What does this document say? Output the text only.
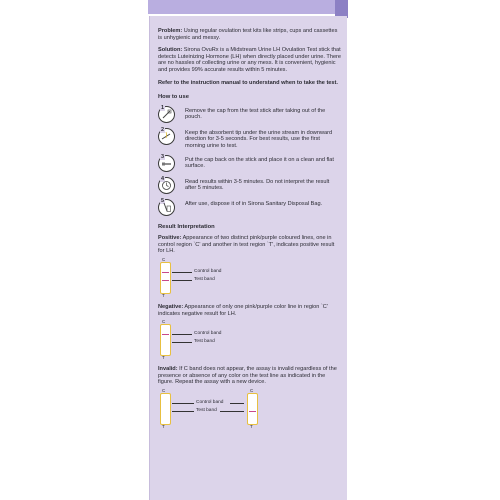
Problem: Using regular ovulation test kits like strips, cups and cassettes is unhygienic and messy.

Solution: Sirona OvuRx is a Midstream Urine LH Ovulation Test stick that detects Luteinizing Hormone (LH) when directly placed under urine. There are no hassles of collecting urine or any mess. It is convenient, hygienic and provides 99% accurate results within 5 minutes.

Refer to the instruction manual to understand when to take the test.

How to use

1	Remove the cap from the test stick after taking out of the pouch.
2	Keep the absorbent tip under the urine stream in downward direction for 3-5 seconds. For best results, use the first morning urine to test.
3	Put the cap back on the stick and place it on a clean and flat surface.
4	Read results within 3-5 minutes. Do not interpret the result after 5 minutes.
5	After use, dispose it of in Sirona Sanitary Disposal Bag.

Result Interpretation

Positive: Appearance of two distinct pink/purple coloured lines, one in control region `C' and another in test region `T', indicates positive result for LH.

C
T
Control band
Test band

Negative: Appearance of only one pink/purple color line in region `C' indicates negative result for LH.

C
T
Control band
Test band

Invalid: If C band does not appear, the assay is invalid regardless of the presence or absence of any color on the test line as indicated in the figure. Repeat the assay with a new device.

C
T
Control band
Test band
C
T
